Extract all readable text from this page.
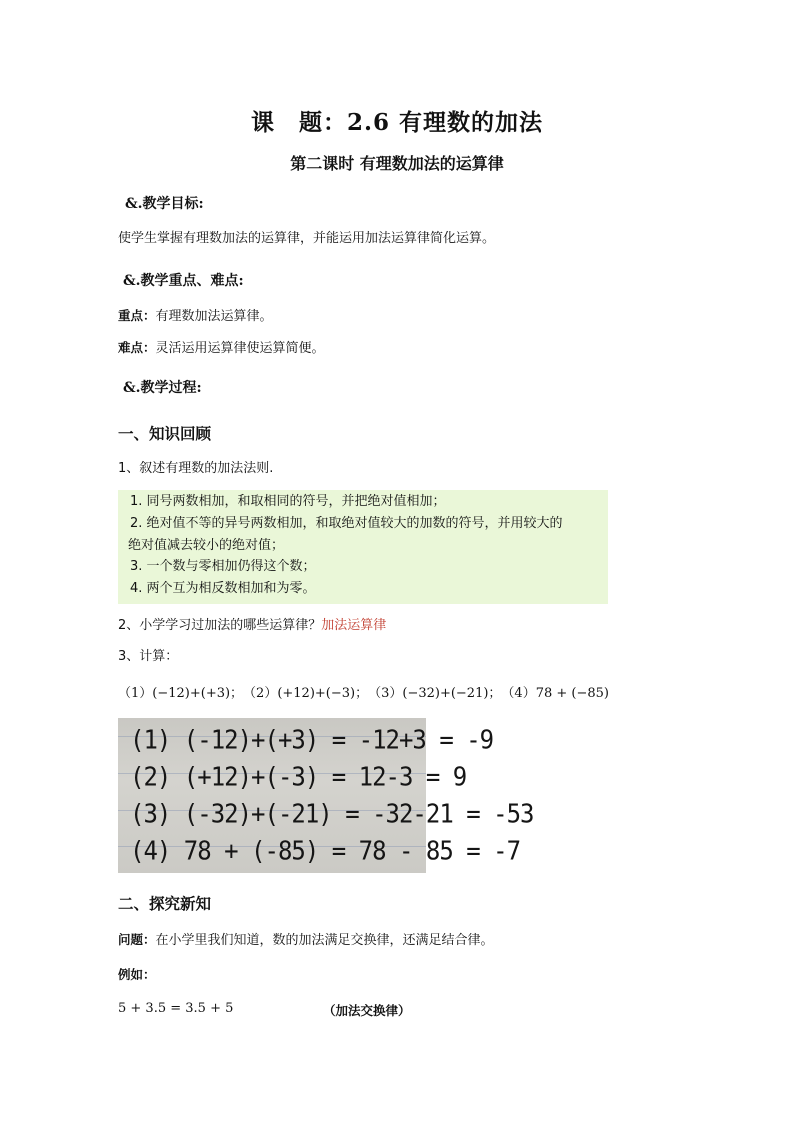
课　题：2.6 有理数的加法
第二课时 有理数加法的运算律
&.教学目标:
使学生掌握有理数加法的运算律，并能运用加法运算律简化运算。
&.教学重点、难点:
重点：有理数加法运算律。
难点：灵活运用运算律使运算简便。
&.教学过程:
一、知识回顾
1、叙述有理数的加法法则.
1. 同号两数相加，和取相同的符号，并把绝对值相加；
2. 绝对值不等的异号两数相加，和取绝对值较大的加数的符号，并用较大的
绝对值减去较小的绝对值；
3. 一个数与零相加仍得这个数；
4. 两个互为相反数相加和为零。
2、小学学习过加法的哪些运算律？加法运算律
3、计算：
（1）(−12)+(+3)；　（2）(+12)+(−3)；　（3）(−32)+(−21)；　（4）78 + (−85)
(1) (-12)+(+3) = -12+3 = -9
(2) (+12)+(-3) = 12-3 = 9
(3) (-32)+(-21) = -32-21 = -53
(4) 78 + (-85) = 78 - 85 = -7
二、探究新知
问题：在小学里我们知道，数的加法满足交换律，还满足结合律。
例如：
5 + 3.5 = 3.5 + 5	（加法交换律）
